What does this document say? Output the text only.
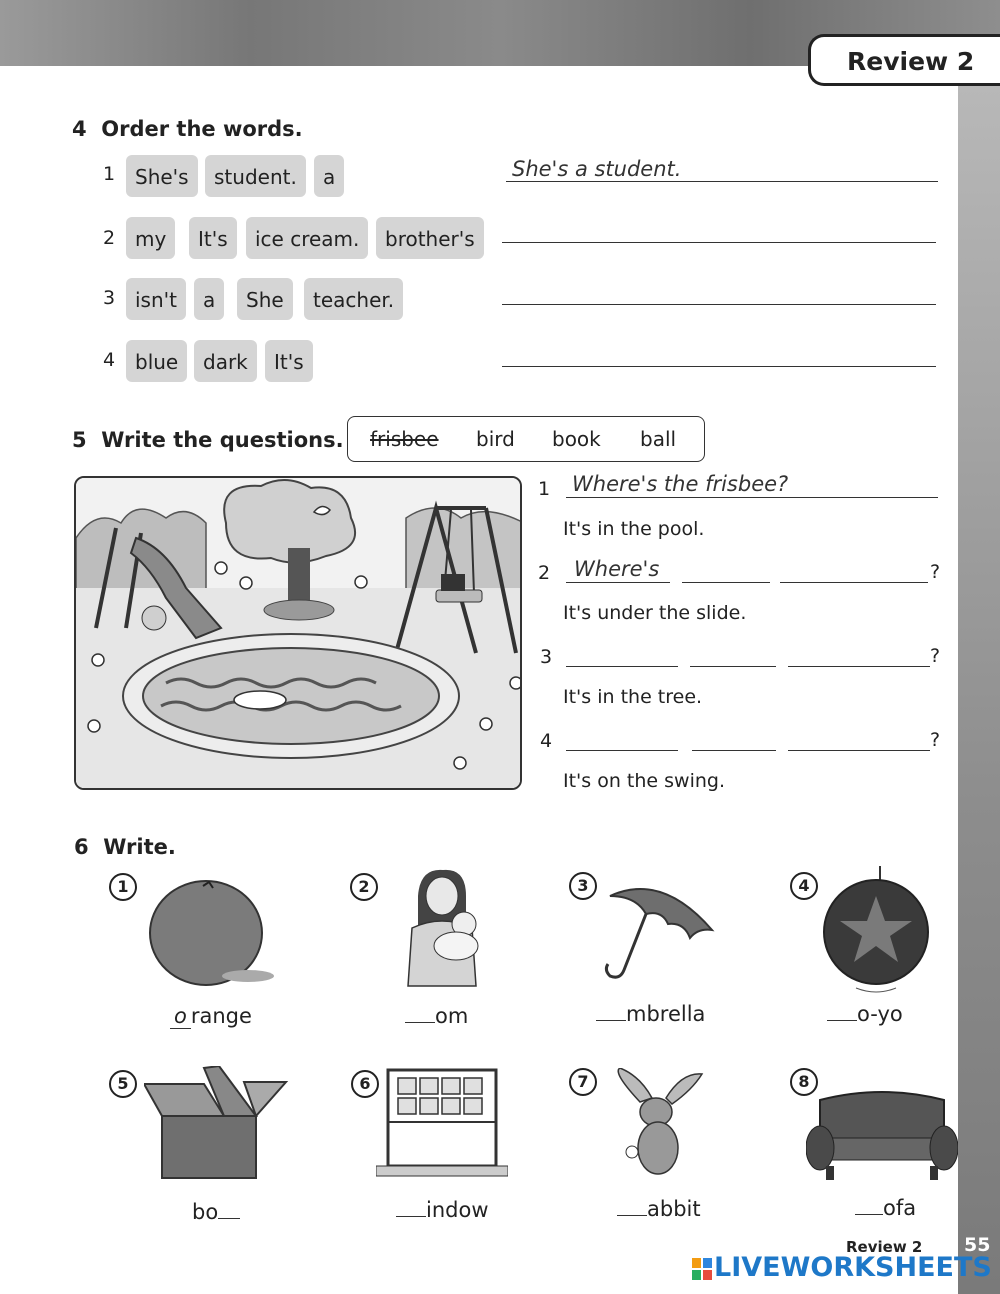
Review 2
4 Order the words.
1 She's	student.	a	She's a student.
2 my	It's	ice cream.	brother's
3 isn't	a	She	teacher.
4 blue	dark	It's
5 Write the questions. frisbee bird book ball
1 Where's the frisbee?
It's in the pool.
2 Where's	?
It's under the slide.
3	?
It's in the tree.
4	?
It's on the swing.
6 Write.
1
o range
2
om
3
mbrella
4
o-yo
5
bo
6
indow
7
abbit
8
ofa
Review 2 55
LIVEWORKSHEETS
